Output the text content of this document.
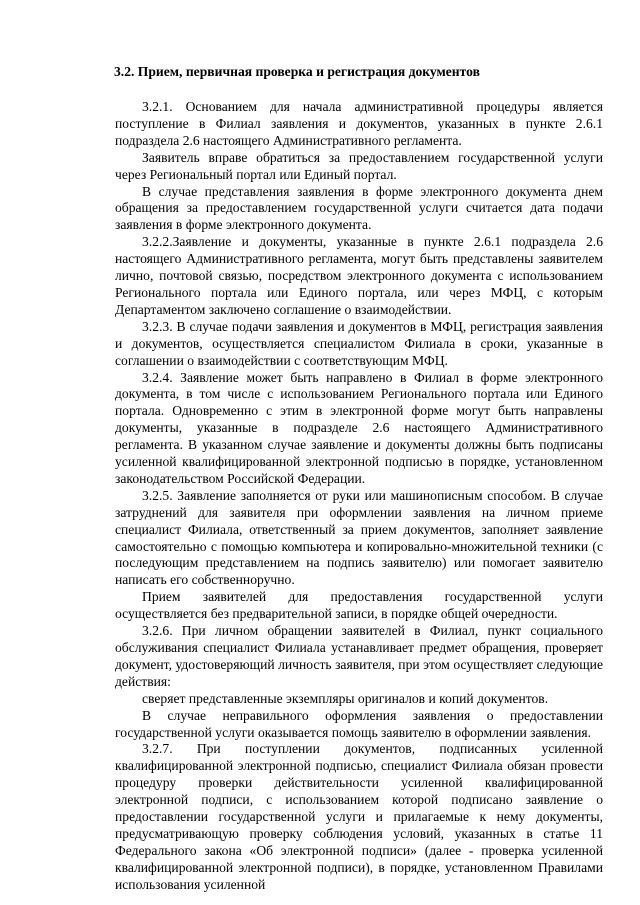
3.2. Прием, первичная проверка и регистрация документов

3.2.1. Основанием для начала административной процедуры является поступление в Филиал заявления и документов, указанных в пункте 2.6.1 подраздела 2.6 настоящего Административного регламента.

Заявитель вправе обратиться за предоставлением государственной услуги через Региональный портал или Единый портал.

В случае представления заявления в форме электронного документа днем обращения за предоставлением государственной услуги считается дата подачи заявления в форме электронного документа.

3.2.2.Заявление и документы, указанные в пункте 2.6.1 подраздела 2.6 настоящего Административного регламента, могут быть представлены заявителем лично, почтовой связью, посредством электронного документа с использованием Регионального портала или Единого портала, или через МФЦ, с которым Департаментом заключено соглашение о взаимодействии.

3.2.3. В случае подачи заявления и документов в МФЦ, регистрация заявления и документов, осуществляется специалистом Филиала в сроки, указанные в соглашении о взаимодействии с соответствующим МФЦ.

3.2.4. Заявление может быть направлено в Филиал в форме электронного документа, в том числе с использованием Регионального портала или Единого портала. Одновременно с этим в электронной форме могут быть направлены документы, указанные в подразделе 2.6 настоящего Административного регламента. В указанном случае заявление и документы должны быть подписаны усиленной квалифицированной электронной подписью в порядке, установленном законодательством Российской Федерации.

3.2.5. Заявление заполняется от руки или машинописным способом. В случае затруднений для заявителя при оформлении заявления на личном приеме специалист Филиала, ответственный за прием документов, заполняет заявление самостоятельно с помощью компьютера и копировально-множительной техники (с последующим представлением на подпись заявителю) или помогает заявителю написать его собственноручно.

Прием заявителей для предоставления государственной услуги осуществляется без предварительной записи, в порядке общей очередности.

3.2.6. При личном обращении заявителей в Филиал, пункт социального обслуживания специалист Филиала устанавливает предмет обращения, проверяет документ, удостоверяющий личность заявителя, при этом осуществляет следующие действия:

сверяет представленные экземпляры оригиналов и копий документов.

В случае неправильного оформления заявления о предоставлении государственной услуги оказывается помощь заявителю в оформлении заявления.

3.2.7. При поступлении документов, подписанных усиленной квалифицированной электронной подписью, специалист Филиала обязан провести процедуру проверки действительности усиленной квалифицированной электронной подписи, с использованием которой подписано заявление о предоставлении государственной услуги и прилагаемые к нему документы, предусматривающую проверку соблюдения условий, указанных в статье 11 Федерального закона «Об электронной подписи» (далее - проверка усиленной квалифицированной электронной подписи), в порядке, установленном Правилами использования усиленной
